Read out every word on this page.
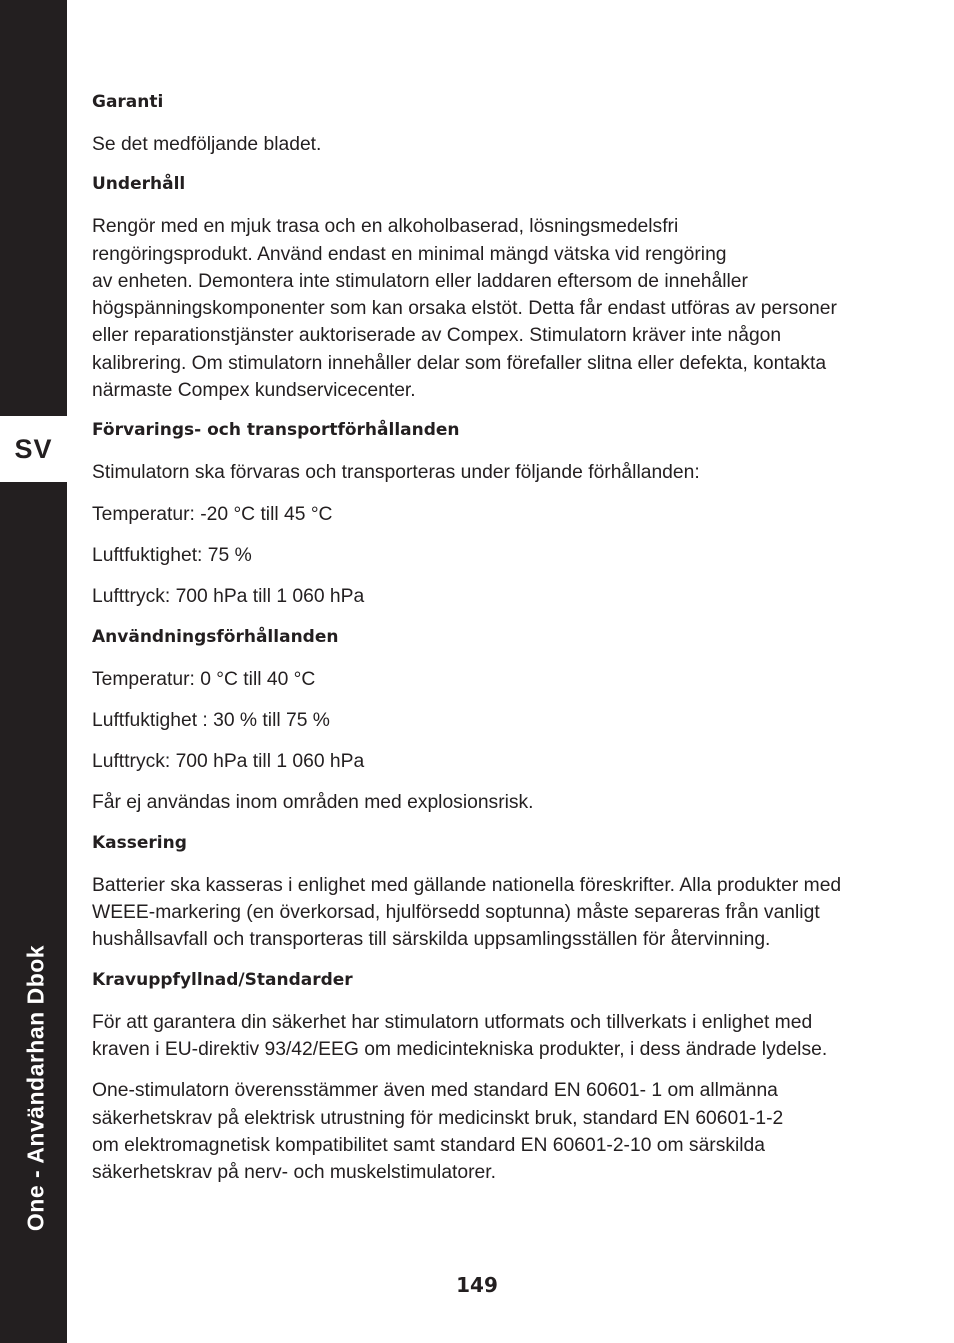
SV
One - Användarhan Dbok
Garanti
Se det medföljande bladet.
Underhåll
Rengör med en mjuk trasa och en alkoholbaserad, lösningsmedelsfri
rengöringsprodukt. Använd endast en minimal mängd vätska vid rengöring
av enheten. Demontera inte stimulatorn eller laddaren eftersom de innehåller
högspänningskomponenter som kan orsaka elstöt. Detta får endast utföras av personer
eller reparationstjänster auktoriserade av Compex. Stimulatorn kräver inte någon
kalibrering. Om stimulatorn innehåller delar som förefaller slitna eller defekta, kontakta
närmaste Compex kundservicecenter.
Förvarings- och transportförhållanden
Stimulatorn ska förvaras och transporteras under följande förhållanden:
Temperatur: -20 °C till 45 °C
Luftfuktighet: 75 %
Lufttryck: 700 hPa till 1 060 hPa
Användningsförhållanden
Temperatur: 0 °C till 40 °C
Luftfuktighet : 30 % till 75 %
Lufttryck: 700 hPa till 1 060 hPa
Får ej användas inom områden med explosionsrisk.
Kassering
Batterier ska kasseras i enlighet med gällande nationella föreskrifter. Alla produkter med
WEEE-markering (en överkorsad, hjulförsedd soptunna) måste separeras från vanligt
hushållsavfall och transporteras till särskilda uppsamlingsställen för återvinning.
Kravuppfyllnad/Standarder
För att garantera din säkerhet har stimulatorn utformats och tillverkats i enlighet med
kraven i EU-direktiv 93/42/EEG om medicintekniska produkter, i dess ändrade lydelse.
One-stimulatorn överensstämmer även med standard EN 60601- 1 om allmänna
säkerhetskrav på elektrisk utrustning för medicinskt bruk, standard EN 60601-1-2
om elektromagnetisk kompatibilitet samt standard EN 60601-2-10 om särskilda
säkerhetskrav på nerv- och muskelstimulatorer.
149
